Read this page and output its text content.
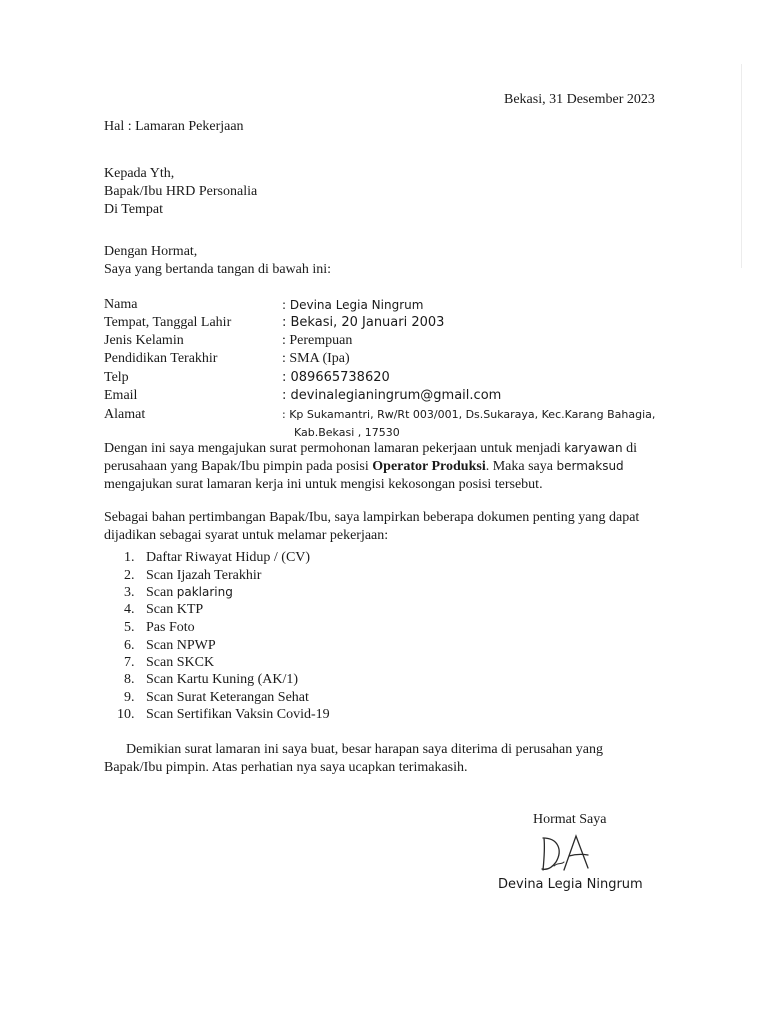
Bekasi, 31 Desember 2023
Hal : Lamaran Pekerjaan
Kepada Yth,
Bapak/Ibu HRD Personalia
Di Tempat
Dengan Hormat,
Saya yang bertanda tangan di bawah ini:
Nama	: Devina Legia Ningrum
Tempat, Tanggal Lahir	: Bekasi, 20 Januari 2003
Jenis Kelamin	: Perempuan
Pendidikan Terakhir	: SMA (Ipa)
Telp	: 089665738620
Email	: devinalegianingrum@gmail.com
Alamat	: Kp Sukamantri, Rw/Rt 003/001, Ds.Sukaraya, Kec.Karang Bahagia,
Kab.Bekasi , 17530
Dengan ini saya mengajukan surat permohonan lamaran pekerjaan untuk menjadi karyawan di
perusahaan yang Bapak/Ibu pimpin pada posisi Operator Produksi. Maka saya bermaksud
mengajukan surat lamaran kerja ini untuk mengisi kekosongan posisi tersebut.
Sebagai bahan pertimbangan Bapak/Ibu, saya lampirkan beberapa dokumen penting yang dapat
dijadikan sebagai syarat untuk melamar pekerjaan:
1. Daftar Riwayat Hidup / (CV)
2. Scan Ijazah Terakhir
3. Scan paklaring
4. Scan KTP
5. Pas Foto
6. Scan NPWP
7. Scan SKCK
8. Scan Kartu Kuning (AK/1)
9. Scan Surat Keterangan Sehat
10. Scan Sertifikan Vaksin Covid-19
Demikian surat lamaran ini saya buat, besar harapan saya diterima di perusahan yang
Bapak/Ibu pimpin. Atas perhatian nya saya ucapkan terimakasih.
Hormat Saya
Devina Legia Ningrum
